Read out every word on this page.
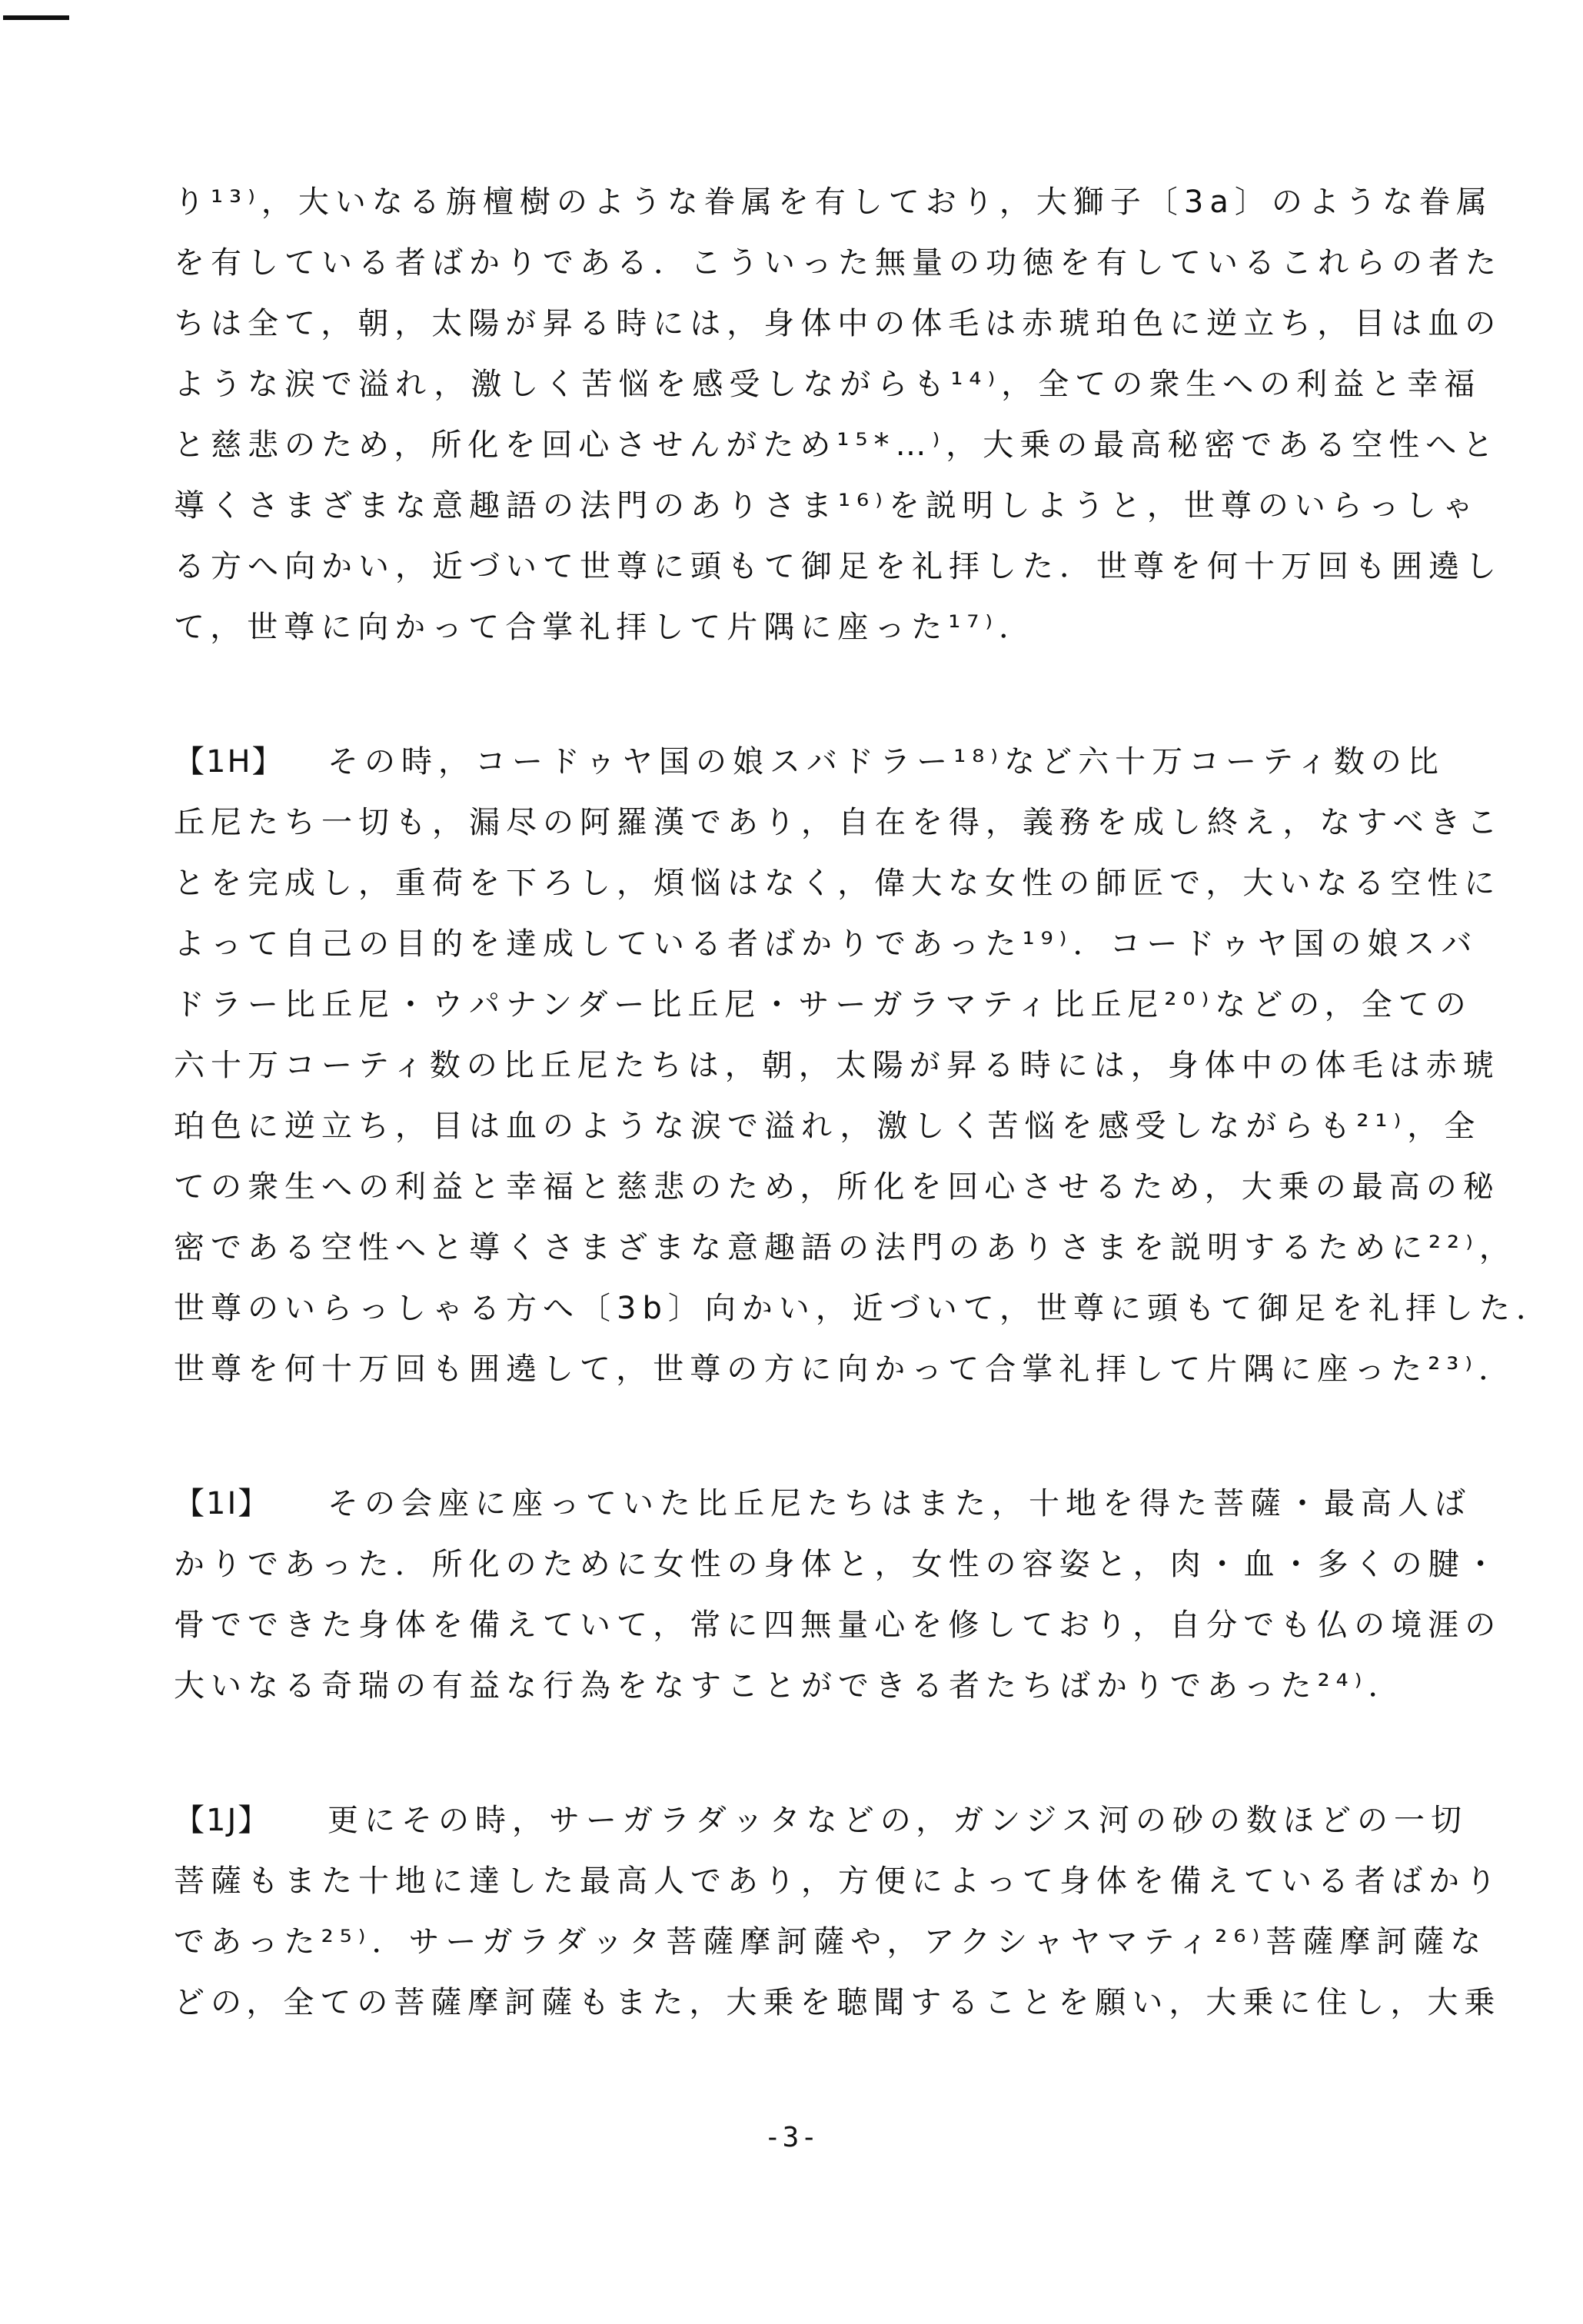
り¹³⁾，大いなる旃檀樹のような眷属を有しており，大獅子〔3a〕のような眷属
を有している者ばかりである．こういった無量の功徳を有しているこれらの者た
ちは全て，朝，太陽が昇る時には，身体中の体毛は赤琥珀色に逆立ち，目は血の
ような涙で溢れ，激しく苦悩を感受しながらも¹⁴⁾，全ての衆生への利益と幸福
と慈悲のため，所化を回心させんがため¹⁵*…⁾，大乗の最高秘密である空性へと
導くさまざまな意趣語の法門のありさま¹⁶⁾を説明しようと，世尊のいらっしゃ
る方へ向かい，近づいて世尊に頭もて御足を礼拝した．世尊を何十万回も囲遶し
て，世尊に向かって合掌礼拝して片隅に座った¹⁷⁾．
【1H】 その時，コードゥヤ国の娘スバドラー¹⁸⁾など六十万コーティ数の比
丘尼たち一切も，漏尽の阿羅漢であり，自在を得，義務を成し終え，なすべきこ
とを完成し，重荷を下ろし，煩悩はなく，偉大な女性の師匠で，大いなる空性に
よって自己の目的を達成している者ばかりであった¹⁹⁾．コードゥヤ国の娘スバ
ドラー比丘尼・ウパナンダー比丘尼・サーガラマティ比丘尼²⁰⁾などの，全ての
六十万コーティ数の比丘尼たちは，朝，太陽が昇る時には，身体中の体毛は赤琥
珀色に逆立ち，目は血のような涙で溢れ，激しく苦悩を感受しながらも²¹⁾，全
ての衆生への利益と幸福と慈悲のため，所化を回心させるため，大乗の最高の秘
密である空性へと導くさまざまな意趣語の法門のありさまを説明するために²²⁾，
世尊のいらっしゃる方へ〔3b〕向かい，近づいて，世尊に頭もて御足を礼拝した．
世尊を何十万回も囲遶して，世尊の方に向かって合掌礼拝して片隅に座った²³⁾．
【1I】 その会座に座っていた比丘尼たちはまた，十地を得た菩薩・最高人ば
かりであった．所化のために女性の身体と，女性の容姿と，肉・血・多くの腱・
骨でできた身体を備えていて，常に四無量心を修しており，自分でも仏の境涯の
大いなる奇瑞の有益な行為をなすことができる者たちばかりであった²⁴⁾．
【1J】 更にその時，サーガラダッタなどの，ガンジス河の砂の数ほどの一切
菩薩もまた十地に達した最高人であり，方便によって身体を備えている者ばかり
であった²⁵⁾．サーガラダッタ菩薩摩訶薩や，アクシャヤマティ²⁶⁾菩薩摩訶薩な
どの，全ての菩薩摩訶薩もまた，大乗を聴聞することを願い，大乗に住し，大乗
-3-
